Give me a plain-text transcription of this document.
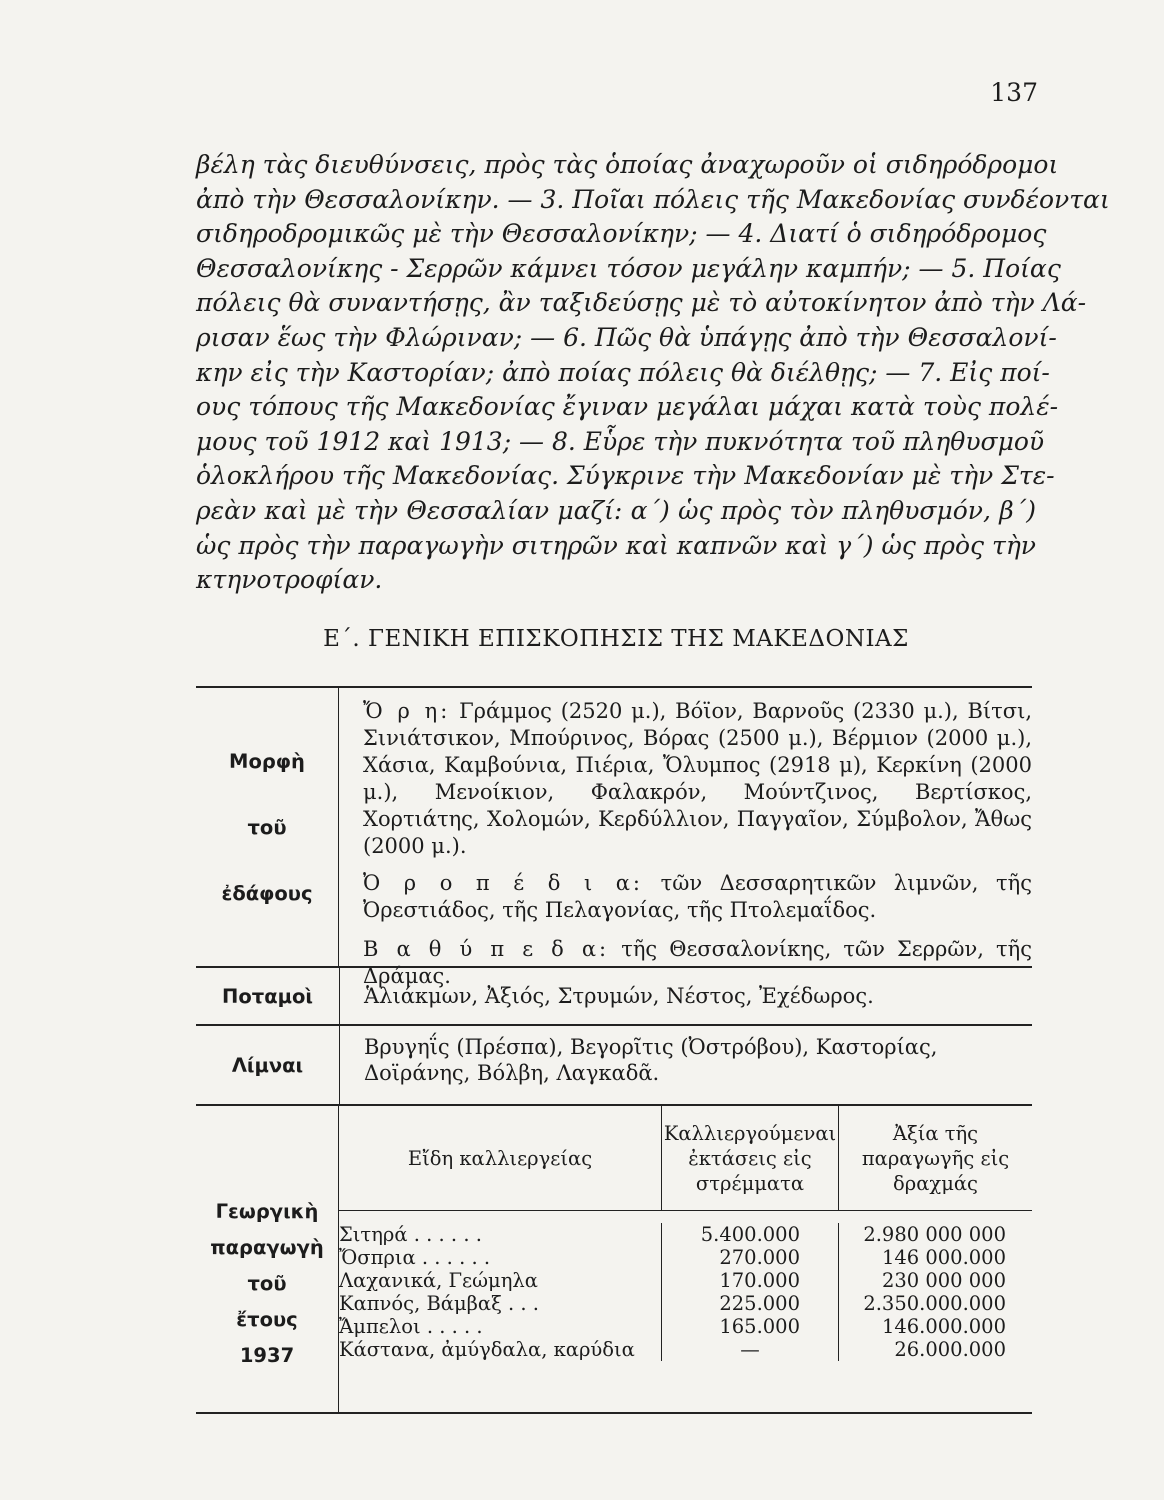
137
βέλη τὰς διευθύνσεις, πρὸς τὰς ὁποίας ἀναχωροῦν οἱ σιδηρόδρομοι
ἀπὸ τὴν Θεσσαλονίκην. — 3. Ποῖαι πόλεις τῆς Μακεδονίας συνδέονται
σιδηροδρομικῶς μὲ τὴν Θεσσαλονίκην; — 4. Διατί ὁ σιδηρόδρομος
Θεσσαλονίκης - Σερρῶν κάμνει τόσον μεγάλην καμπήν; — 5. Ποίας
πόλεις θὰ συναντήσῃς, ἂν ταξιδεύσῃς μὲ τὸ αὐτοκίνητον ἀπὸ τὴν Λά-
ρισαν ἕως τὴν Φλώριναν; — 6. Πῶς θὰ ὑπάγῃς ἀπὸ τὴν Θεσσαλονί-
κην εἰς τὴν Καστορίαν; ἀπὸ ποίας πόλεις θὰ διέλθῃς; — 7. Εἰς ποί-
ους τόπους τῆς Μακεδονίας ἔγιναν μεγάλαι μάχαι κατὰ τοὺς πολέ-
μους τοῦ 1912 καὶ 1913; — 8. Εὗρε τὴν πυκνότητα τοῦ πληθυσμοῦ
ὁλοκλήρου τῆς Μακεδονίας. Σύγκρινε τὴν Μακεδονίαν μὲ τὴν Στε-
ρεὰν καὶ μὲ τὴν Θεσσαλίαν μαζί: α´) ὡς πρὸς τὸν πληθυσμόν, β´)
ὡς πρὸς τὴν παραγωγὴν σιτηρῶν καὶ καπνῶν καὶ γ´) ὡς πρὸς τὴν
κτηνοτροφίαν.
Ε΄. ΓΕΝΙΚΗ ΕΠΙΣΚΟΠΗΣΙΣ ΤΗΣ ΜΑΚΕΔΟΝΙΑΣ
Μορφὴ
τοῦ
ἐδάφους
Ὄ ρ η: Γράμμος (2520 μ.), Βόϊον, Βαρνοῦς (2330 μ.), Βίτσι, Σινιάτσικον, Μπούρινος, Βόρας (2500 μ.), Βέρμιον (2000 μ.), Χάσια, Καμβούνια, Πιέρια, Ὄλυμπος (2918 μ), Κερκίνη (2000 μ.), Μενοίκιον, Φαλακρόν, Μούντζινος, Βερτίσκος, Χορτιάτης, Χολομών, Κερδύλλιον, Παγγαῖον, Σύμβολον, Ἄθως (2000 μ.).
Ὀ ρ ο π έ δ ι α: τῶν Δεσσαρητικῶν λιμνῶν, τῆς Ὀρεστιάδος, τῆς Πελαγονίας, τῆς Πτολεμαΐδος.
Β α θ ύ π ε δ α: τῆς Θεσσαλονίκης, τῶν Σερρῶν, τῆς Δράμας.
Ποταμοὶ	Ἁλιάκμων, Ἀξιός, Στρυμών, Νέστος, Ἐχέδωρος.
Λίμναι
Βρυγηΐς (Πρέσπα), Βεγορῖτις (Ὀστρόβου), Καστορίας, Δοϊράνης, Βόλβη, Λαγκαδᾶ.
Γεωργικὴ
παραγωγὴ
τοῦ
ἔτους
1937
Εἴδη καλλιεργείας
Καλλιεργούμεναι ἐκτάσεις εἰς στρέμματα
Ἀξία τῆς παραγωγῆς εἰς δραχμάς
Σιτηρά . . . . . .
Ὄσπρια . . . . . .
Λαχανικά, Γεώμηλα
Καπνός, Βάμβαξ . . .
Ἄμπελοι . . . . .
Κάστανα, ἀμύγδαλα, καρύδια
5.400.000
270.000
170.000
225.000
165.000
—
2.980 000 000
146 000.000
230 000 000
2.350.000.000
146.000.000
26.000.000
